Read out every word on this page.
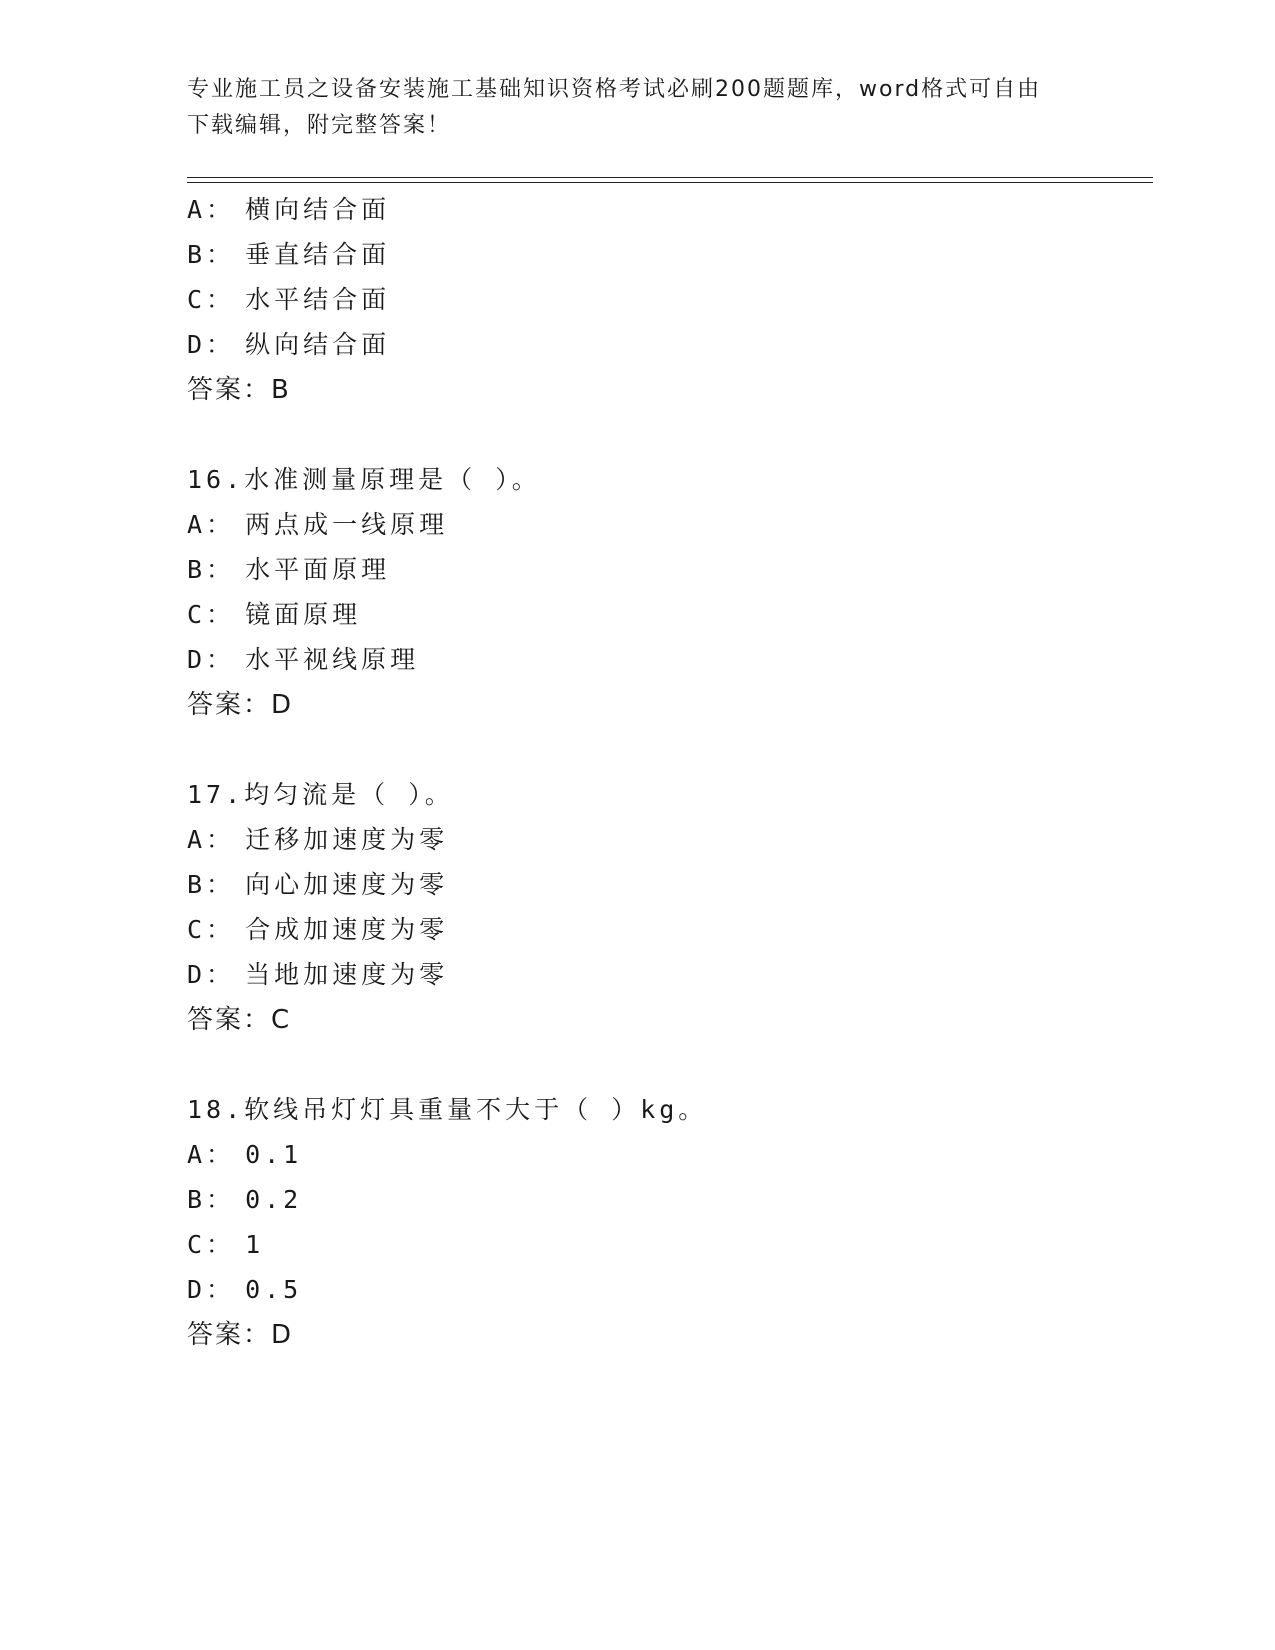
专业施工员之设备安装施工基础知识资格考试必刷200题题库，word格式可自由
下载编辑，附完整答案！
A： 横向结合面
B： 垂直结合面
C： 水平结合面
D： 纵向结合面
答案：B
16.水准测量原理是（ ）。
A： 两点成一线原理
B： 水平面原理
C： 镜面原理
D： 水平视线原理
答案：D
17.均匀流是（ ）。
A： 迁移加速度为零
B： 向心加速度为零
C： 合成加速度为零
D： 当地加速度为零
答案：C
18.软线吊灯灯具重量不大于（ ）kg。
A： 0.1
B： 0.2
C： 1
D： 0.5
答案：D
